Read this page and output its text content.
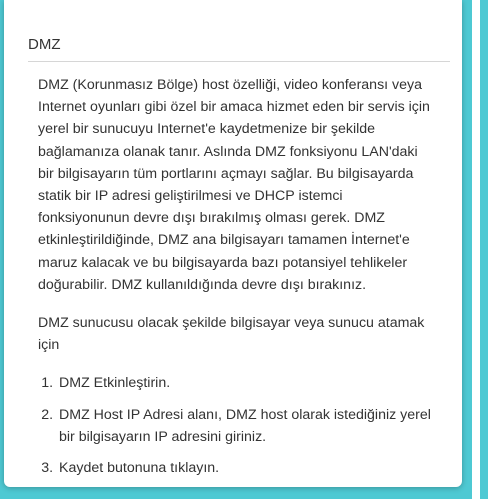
DMZ

DMZ (Korunmasız Bölge) host özelliği, video konferansı veya Internet oyunları gibi özel bir amaca hizmet eden bir servis için yerel bir sunucuyu Internet'e kaydetmenize bir şekilde bağlamanıza olanak tanır. Aslında DMZ fonksiyonu LAN'daki bir bilgisayarın tüm portlarını açmayı sağlar. Bu bilgisayarda statik bir IP adresi geliştirilmesi ve DHCP istemci fonksiyonunun devre dışı bırakılmış olması gerek. DMZ etkinleştirildiğinde, DMZ ana bilgisayarı tamamen İnternet'e maruz kalacak ve bu bilgisayarda bazı potansiyel tehlikeler doğurabilir. DMZ kullanıldığında devre dışı bırakınız.

DMZ sunucusu olacak şekilde bilgisayar veya sunucu atamak için

1. DMZ Etkinleştirin.
2. DMZ Host IP Adresi alanı, DMZ host olarak istediğiniz yerel bir bilgisayarın IP adresini giriniz.
3. Kaydet butonuna tıklayın.
